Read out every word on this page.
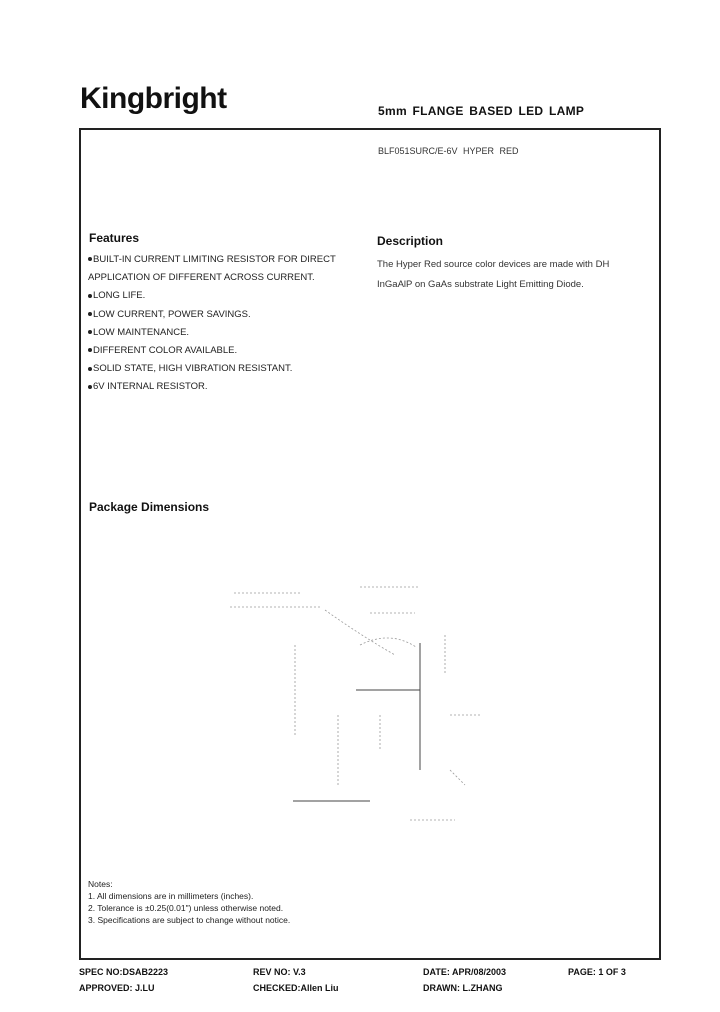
Kingbright	5mm FLANGE BASED LED LAMP
BLF051SURC/E-6V HYPER RED
Features
BUILT-IN CURRENT LIMITING RESISTOR FOR DIRECT
APPLICATION OF DIFFERENT ACROSS CURRENT.
LONG LIFE.
LOW CURRENT, POWER SAVINGS.
LOW MAINTENANCE.
DIFFERENT COLOR AVAILABLE.
SOLID STATE, HIGH VIBRATION RESISTANT.
6V INTERNAL RESISTOR.
Description
The Hyper Red source color devices are made with DH
InGaAlP on GaAs substrate Light Emitting Diode.
Package Dimensions
Notes:
1. All dimensions are in millimeters (inches).
2. Tolerance is ±0.25(0.01") unless otherwise noted.
3. Specifications are subject to change without notice.
SPEC NO:DSAB2223	REV NO: V.3	DATE: APR/08/2003	PAGE: 1 OF 3
APPROVED: J.LU	CHECKED:Allen Liu	DRAWN: L.ZHANG
